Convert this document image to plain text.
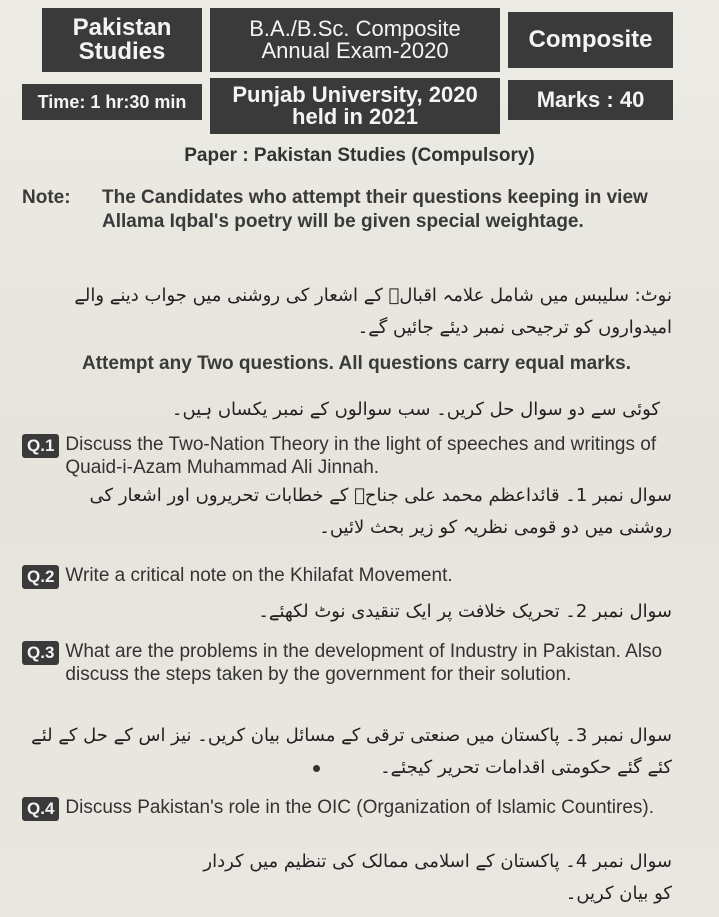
Pakistan
Studies
B.A./B.Sc. Composite
Annual Exam-2020	Composite
Time: 1 hr:30 min Punjab University, 2020
held in 2021
Marks : 40
Paper : Pakistan Studies (Compulsory)
Note:	The Candidates who attempt their questions keeping in view Allama Iqbal's poetry will be given special weightage.
نوٹ: سلیبس میں شامل علامہ اقبالؒ کے اشعار کی روشنی میں جواب دینے والے امیدواروں کو ترجیحی نمبر دیئے جائیں گے۔
Attempt any Two questions. All questions carry equal marks.
کوئی سے دو سوال حل کریں۔ سب سوالوں کے نمبر یکساں ہیں۔
Q.1 Discuss the Two-Nation Theory in the light of speeches and writings of Quaid-i-Azam Muhammad Ali Jinnah.
سوال نمبر 1۔ قائداعظم محمد علی جناحؒ کے خطابات تحریروں اور اشعار کی روشنی میں دو قومی نظریہ کو زیر بحث لائیں۔
Q.2 Write a critical note on the Khilafat Movement.
سوال نمبر 2۔ تحریک خلافت پر ایک تنقیدی نوٹ لکھئے۔
Q.3 What are the problems in the development of Industry in Pakistan. Also discuss the steps taken by the government for their solution.
سوال نمبر 3۔ پاکستان میں صنعتی ترقی کے مسائل بیان کریں۔ نیز اس کے حل کے لئے کئے گئے حکومتی اقدامات تحریر کیجئے۔
Q.4 Discuss Pakistan's role in the OIC (Organization of Islamic Countires).
سوال نمبر 4۔ پاکستان کے اسلامی ممالک کی تنظیم میں کردار کو بیان کریں۔
